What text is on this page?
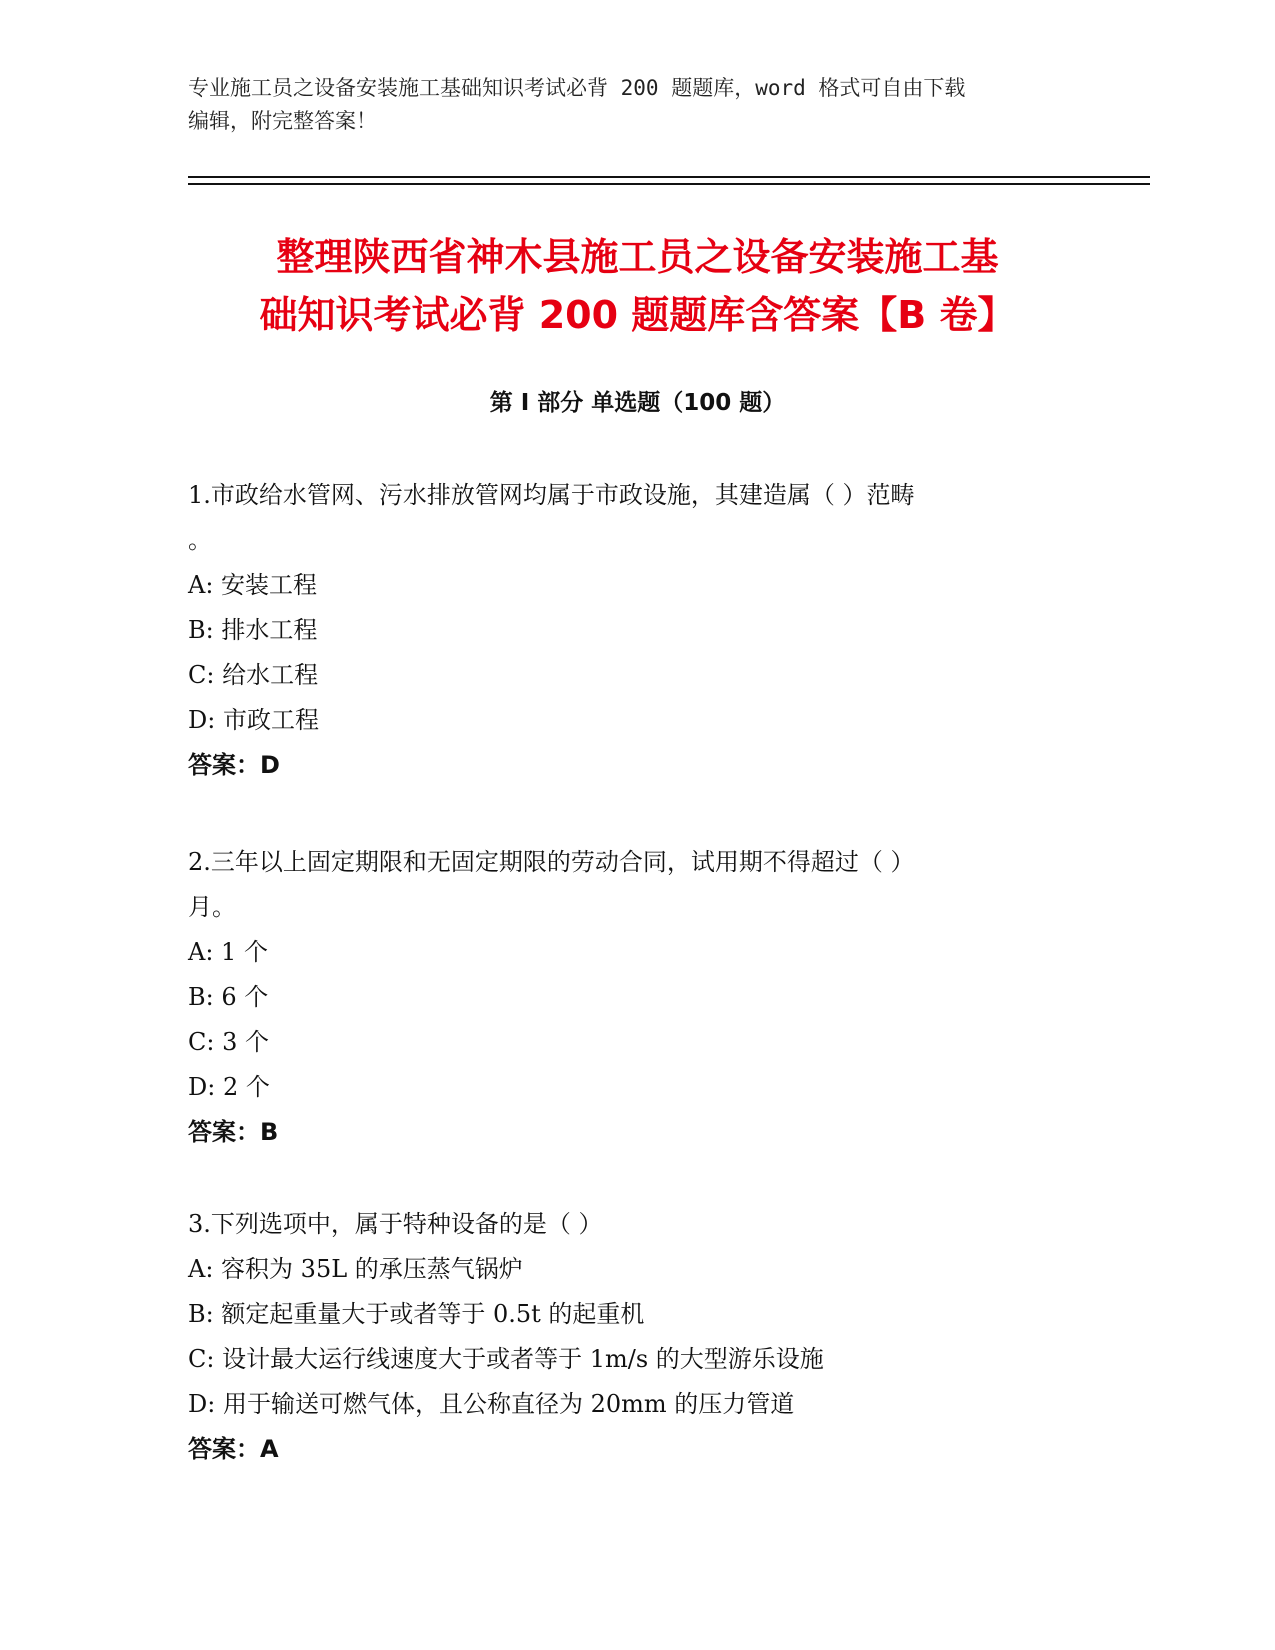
专业施工员之设备安装施工基础知识考试必背 200 题题库，word 格式可自由下载
编辑，附完整答案！
整理陕西省神木县施工员之设备安装施工基
础知识考试必背 200 题题库含答案【B 卷】
第 I 部分 单选题（100 题）

1.市政给水管网、污水排放管网均属于市政设施，其建造属（ ）范畴

。

A: 安装工程

B: 排水工程

C: 给水工程

D: 市政工程

答案：D

2.三年以上固定期限和无固定期限的劳动合同，试用期不得超过（ ）

月。

A: 1 个

B: 6 个

C: 3 个

D: 2 个

答案：B

3.下列选项中，属于特种设备的是（ ）

A: 容积为 35L 的承压蒸气锅炉

B: 额定起重量大于或者等于 0.5t 的起重机

C: 设计最大运行线速度大于或者等于 1m/s 的大型游乐设施

D: 用于输送可燃气体，且公称直径为 20mm 的压力管道

答案：A
